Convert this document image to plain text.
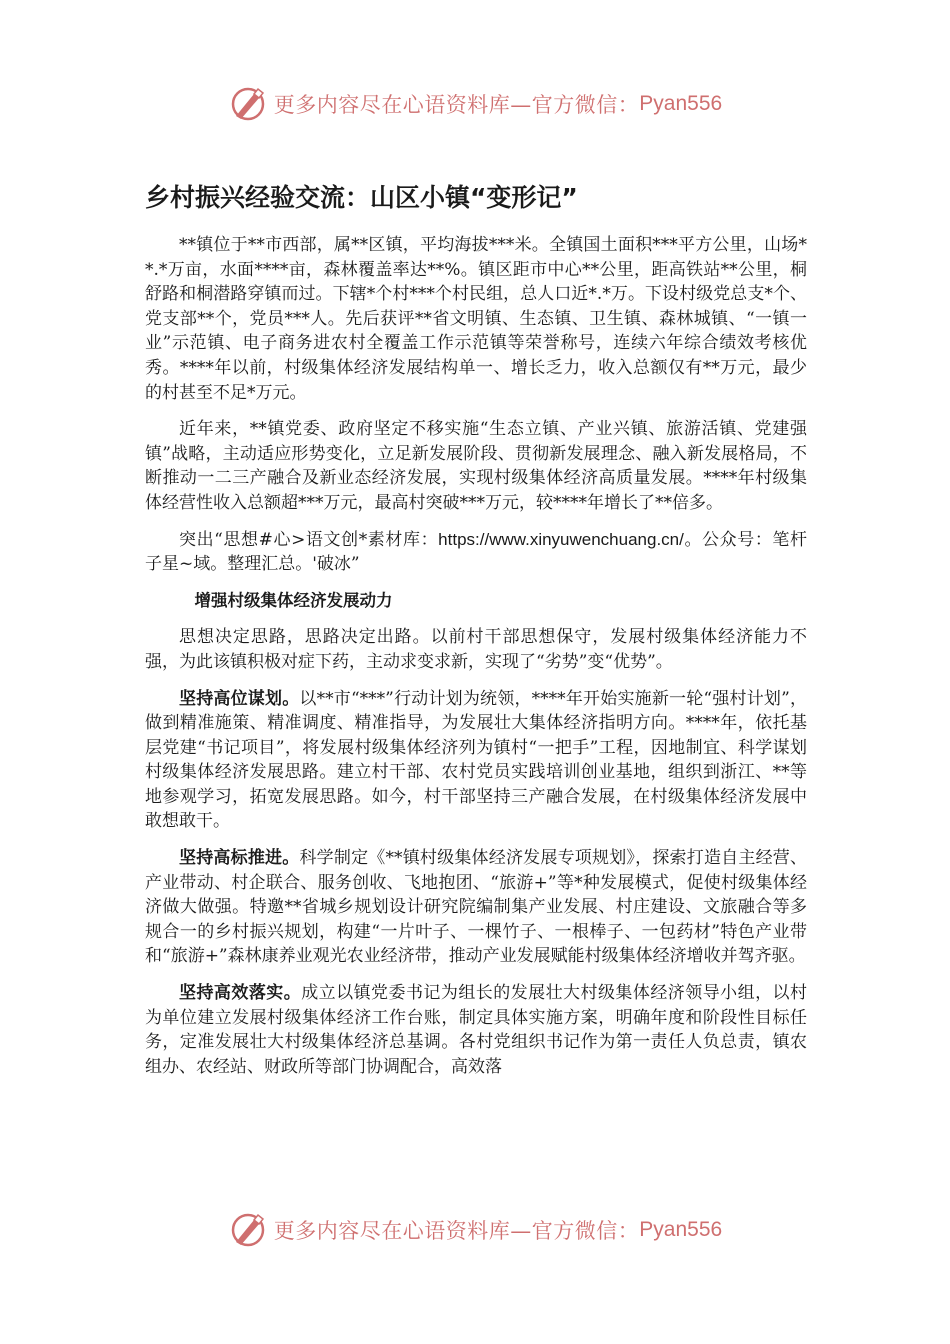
更多内容尽在心语资料库—官方微信： Pyan556
乡村振兴经验交流：山区小镇“变形记”

**镇位于**市西部，属**区镇，平均海拔***米。全镇国土面积***平方公里，山场**.*万亩，水面****亩，森林覆盖率达**%。镇区距市中心**公里，距高铁站**公里，桐舒路和桐潜路穿镇而过。下辖*个村***个村民组，总人口近*.*万。下设村级党总支*个、党支部**个，党员***人。先后获评**省文明镇、生态镇、卫生镇、森林城镇、“一镇一业”示范镇、电子商务进农村全覆盖工作示范镇等荣誉称号，连续六年综合绩效考核优秀。****年以前，村级集体经济发展结构单一、增长乏力，收入总额仅有**万元，最少的村甚至不足*万元。

近年来，**镇党委、政府坚定不移实施“生态立镇、产业兴镇、旅游活镇、党建强镇”战略，主动适应形势变化，立足新发展阶段、贯彻新发展理念、融入新发展格局，不断推动一二三产融合及新业态经济发展，实现村级集体经济高质量发展。****年村级集体经营性收入总额超***万元，最高村突破***万元，较****年增长了**倍多。

突出“思想#心>语文创*素材库：https://www.xinyuwenchuang.cn/。公众号：笔杆子星~域。整理汇总。'破冰”

增强村级集体经济发展动力

思想决定思路，思路决定出路。以前村干部思想保守，发展村级集体经济能力不强，为此该镇积极对症下药，主动求变求新，实现了“劣势”变“优势”。

坚持高位谋划。以**市“***”行动计划为统领，****年开始实施新一轮“强村计划”，做到精准施策、精准调度、精准指导，为发展壮大集体经济指明方向。****年，依托基层党建“书记项目”，将发展村级集体经济列为镇村“一把手”工程，因地制宜、科学谋划村级集体经济发展思路。建立村干部、农村党员实践培训创业基地，组织到浙江、**等地参观学习，拓宽发展思路。如今，村干部坚持三产融合发展，在村级集体经济发展中敢想敢干。

坚持高标推进。科学制定《**镇村级集体经济发展专项规划》，探索打造自主经营、产业带动、村企联合、服务创收、飞地抱团、“旅游+”等*种发展模式，促使村级集体经济做大做强。特邀**省城乡规划设计研究院编制集产业发展、村庄建设、文旅融合等多规合一的乡村振兴规划，构建“一片叶子、一棵竹子、一根棒子、一包药材”特色产业带和“旅游+”森林康养业观光农业经济带，推动产业发展赋能村级集体经济增收并驾齐驱。

坚持高效落实。成立以镇党委书记为组长的发展壮大村级集体经济领导小组，以村为单位建立发展村级集体经济工作台账，制定具体实施方案，明确年度和阶段性目标任务，定准发展壮大村级集体经济总基调。各村党组织书记作为第一责任人负总责，镇农组办、农经站、财政所等部门协调配合，高效落

更多内容尽在心语资料库—官方微信： Pyan556
